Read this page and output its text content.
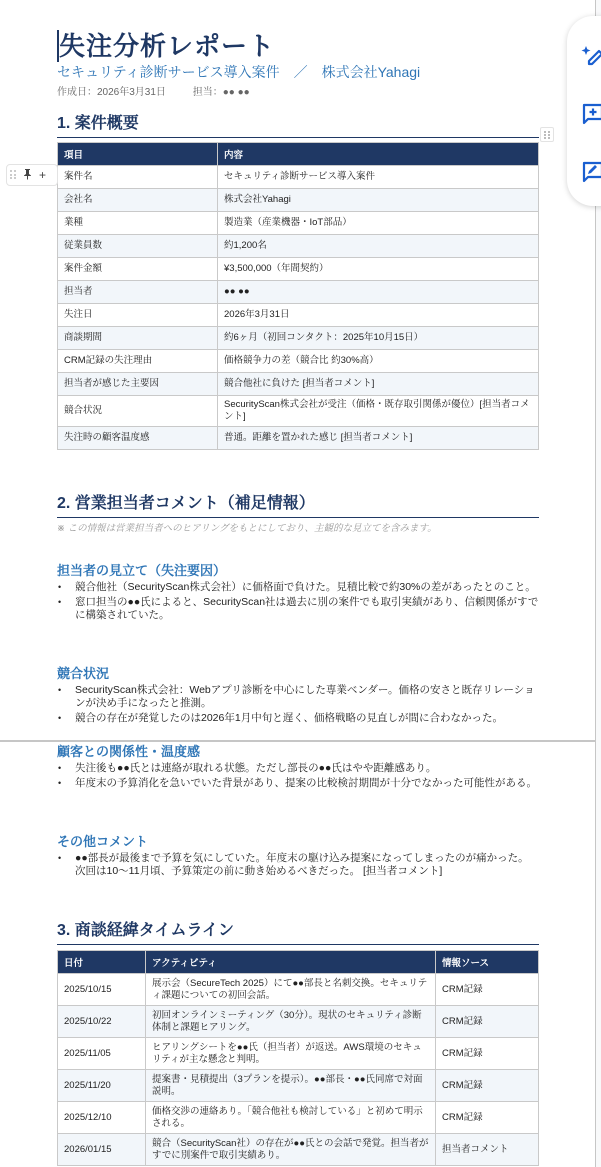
失注分析レポート
セキュリティ診断サービス導入案件　／　株式会社Yahagi
作成日：2026年3月31日	担当：●● ●●
1. 案件概要
項目	内容
案件名	セキュリティ診断サービス導入案件
会社名	株式会社Yahagi
業種	製造業（産業機器・IoT部品）
従業員数	約1,200名
案件金額	¥3,500,000（年間契約）
担当者	●● ●●
失注日	2026年3月31日
商談期間	約6ヶ月（初回コンタクト：2025年10月15日）
CRM記録の失注理由	価格競争力の差（競合比 約30%高）
担当者が感じた主要因	競合他社に負けた [担当者コメント]
競合状況	SecurityScan株式会社が受注（価格・既存取引関係が優位）[担当者コメント]
失注時の顧客温度感	普通。距離を置かれた感じ [担当者コメント]
2. 営業担当者コメント（補足情報）
※ この情報は営業担当者へのヒアリングをもとにしており、主観的な見立てを含みます。
担当者の見立て（失注要因）
• 競合他社（SecurityScan株式会社）に価格面で負けた。見積比較で約30%の差があったとのこと。
• 窓口担当の●●氏によると、SecurityScan社は過去に別の案件でも取引実績があり、信頼関係がすでに構築されていた。
競合状況
• SecurityScan株式会社：Webアプリ診断を中心にした専業ベンダー。価格の安さと既存リレーションが決め手になったと推測。
• 競合の存在が発覚したのは2026年1月中旬と遅く、価格戦略の見直しが間に合わなかった。
顧客との関係性・温度感
• 失注後も●●氏とは連絡が取れる状態。ただし部長の●●氏はやや距離感あり。
• 年度末の予算消化を急いでいた背景があり、提案の比較検討期間が十分でなかった可能性がある。
その他コメント
• ●●部長が最後まで予算を気にしていた。年度末の駆け込み提案になってしまったのが痛かった。次回は10〜11月頃、予算策定の前に動き始めるべきだった。 [担当者コメント]
3. 商談経緯タイムライン
日付	アクティビティ	情報ソース
2025/10/15	展示会（SecureTech 2025）にて●●部長と名刺交換。セキュリティ課題についての初回会話。	CRM記録
2025/10/22	初回オンラインミーティング（30分）。現状のセキュリティ診断体制と課題ヒアリング。	CRM記録
2025/11/05	ヒアリングシートを●●氏（担当者）が返送。AWS環境のセキュリティが主な懸念と判明。	CRM記録
2025/11/20	提案書・見積提出（3プランを提示）。●●部長・●●氏同席で対面説明。	CRM記録
2025/12/10	価格交渉の連絡あり。「競合他社も検討している」と初めて明示される。	CRM記録
2026/01/15	競合（SecurityScan社）の存在が●●氏との会話で発覚。担当者がすでに別案件で取引実績あり。	担当者コメント
+
